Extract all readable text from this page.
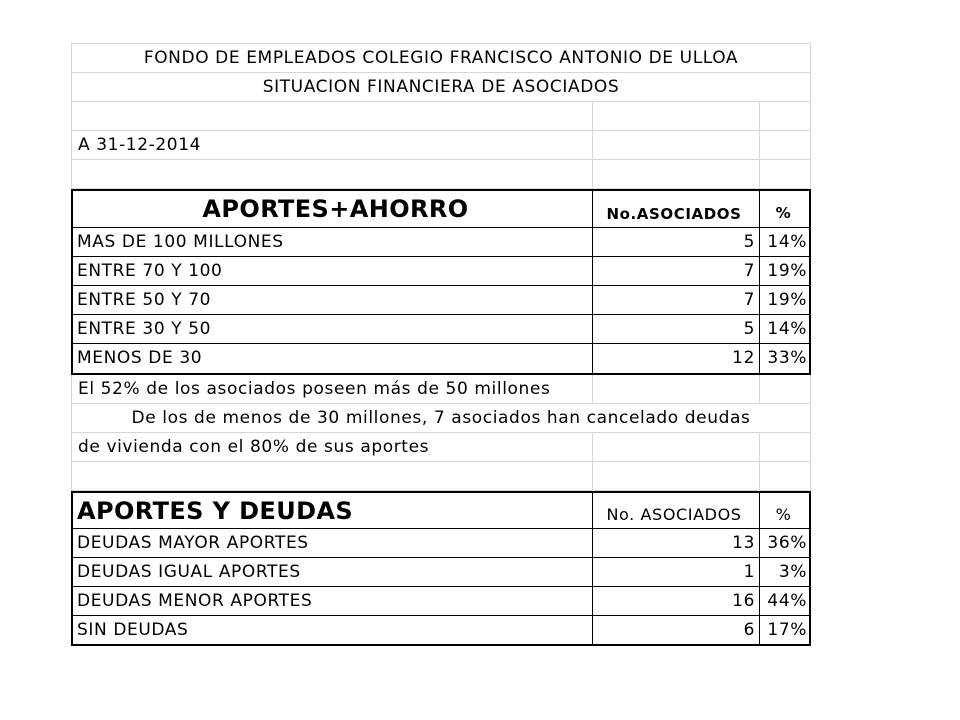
FONDO DE EMPLEADOS COLEGIO FRANCISCO ANTONIO DE ULLOA
SITUACION FINANCIERA DE ASOCIADOS
A 31-12-2014
APORTES+AHORRO	No.ASOCIADOS	%
MAS DE 100 MILLONES	5 14%
ENTRE 70 Y 100	7 19%
ENTRE 50 Y 70	7 19%
ENTRE 30 Y 50	5 14%
MENOS DE 30	12 33%
El 52% de los asociados poseen más de 50 millones
De los de menos de 30 millones, 7 asociados han cancelado deudas
de vivienda con el 80% de sus aportes
APORTES Y DEUDAS	No. ASOCIADOS	%
DEUDAS MAYOR APORTES	13 36%
DEUDAS IGUAL APORTES	1	3%
DEUDAS MENOR APORTES	16 44%
SIN DEUDAS	6 17%
